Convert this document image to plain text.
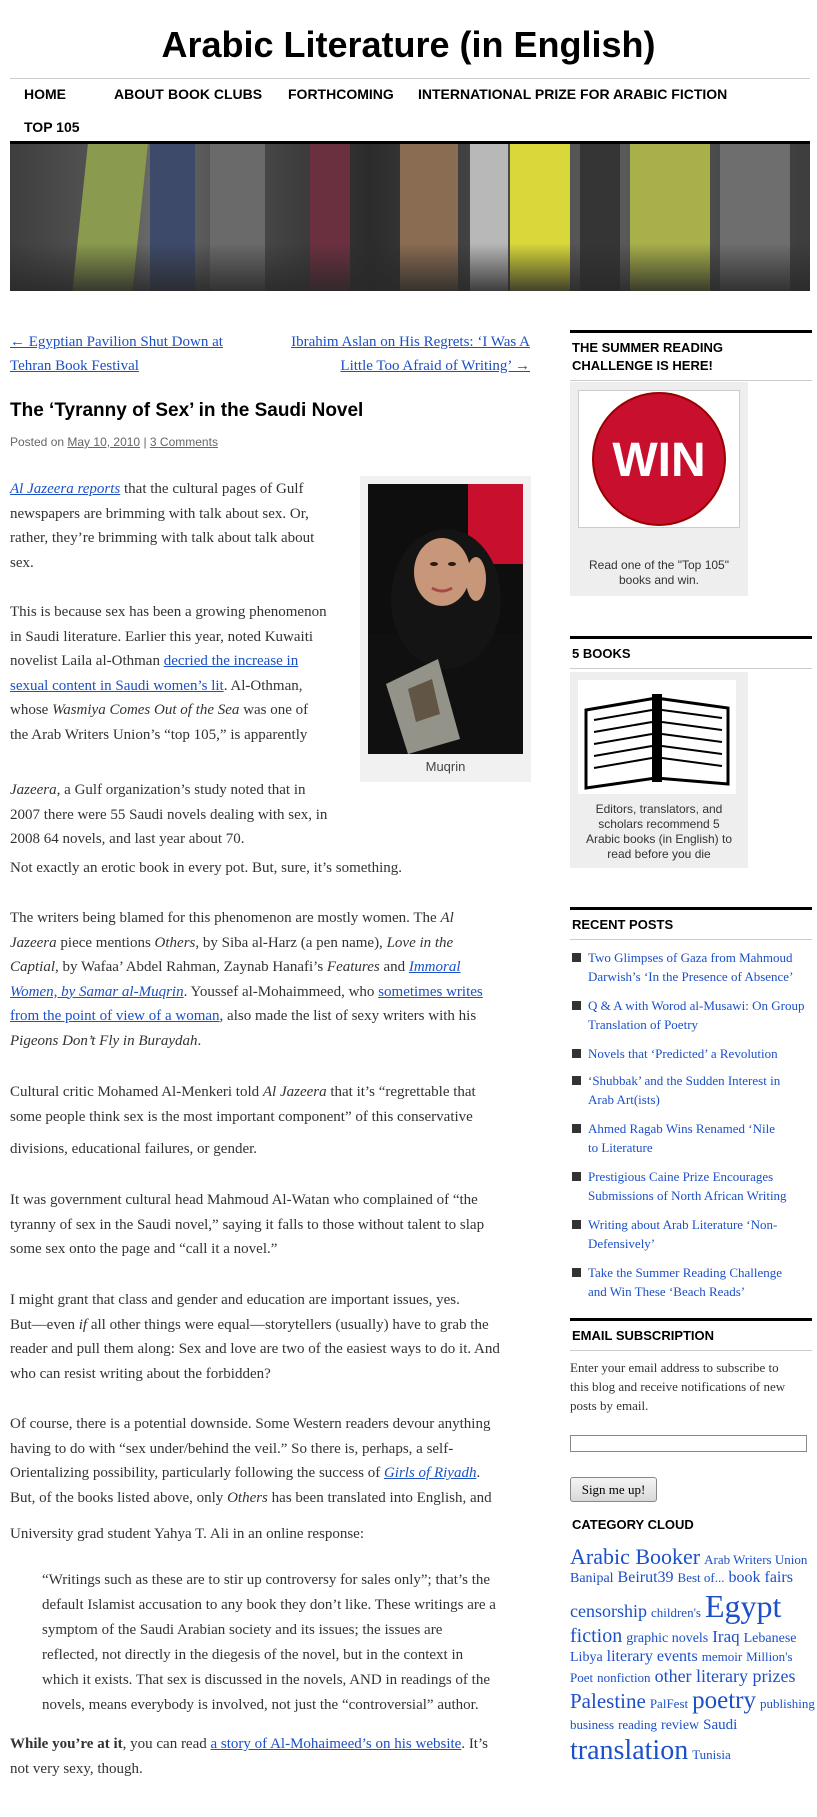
Arabic Literature (in English)
HOME	ABOUT BOOK CLUBS FORTHCOMING INTERNATIONAL PRIZE FOR ARABIC FICTION
TOP 105
← Egyptian Pavilion Shut Down at
Tehran Book Festival
Ibrahim Aslan on His Regrets: ‘I Was A
Little Too Afraid of Writing’ →
The ‘Tyranny of Sex’ in the Saudi Novel
Posted on May 10, 2010 | 3 Comments
Muqrin
Al Jazeera reports that the cultural pages of Gulf
newspapers are brimming with talk about sex. Or,
rather, they’re brimming with talk about talk about
sex.
This is because sex has been a growing phenomenon
in Saudi literature. Earlier this year, noted Kuwaiti
novelist Laila al-Othman decried the increase in
sexual content in Saudi women’s lit. Al-Othman,
whose Wasmiya Comes Out of the Sea was one of
the Arab Writers Union’s “top 105,” is apparently
Jazeera, a Gulf organization’s study noted that in
2007 there were 55 Saudi novels dealing with sex, in
2008 64 novels, and last year about 70.
Not exactly an erotic book in every pot. But, sure, it’s something.
The writers being blamed for this phenomenon are mostly women. The Al
Jazeera piece mentions Others, by Siba al-Harz (a pen name), Love in the
Captial, by Wafaa’ Abdel Rahman, Zaynab Hanafi’s Features and Immoral
Women, by Samar al-Muqrin. Youssef al-Mohaimmeed, who sometimes writes
from the point of view of a woman, also made the list of sexy writers with his
Pigeons Don’t Fly in Buraydah.
Cultural critic Mohamed Al-Menkeri told Al Jazeera that it’s “regrettable that
some people think sex is the most important component” of this conservative
divisions, educational failures, or gender.
It was government cultural head Mahmoud Al-Watan who complained of “the
tyranny of sex in the Saudi novel,” saying it falls to those without talent to slap
some sex onto the page and “call it a novel.”
I might grant that class and gender and education are important issues, yes.
But—even if all other things were equal—storytellers (usually) have to grab the
reader and pull them along: Sex and love are two of the easiest ways to do it. And
who can resist writing about the forbidden?
Of course, there is a potential downside. Some Western readers devour anything
having to do with “sex under/behind the veil.” So there is, perhaps, a self-
Orientalizing possibility, particularly following the success of Girls of Riyadh.
But, of the books listed above, only Others has been translated into English, and
University grad student Yahya T. Ali in an online response:
“Writings such as these are to stir up controversy for sales only”; that’s the
default Islamist accusation to any book they don’t like. These writings are a
symptom of the Saudi Arabian society and its issues; the issues are
reflected, not directly in the diegesis of the novel, but in the context in
which it exists. That sex is discussed in the novels, AND in readings of the
novels, means everybody is involved, not just the “controversial” author.
While you’re at it, you can read a story of Al-Mohaimeed’s on his website. It’s
not very sexy, though.
THE SUMMER READING
CHALLENGE IS HERE!
WIN
Read one of the "Top 105"
books and win.
5 BOOKS
Editors, translators, and
scholars recommend 5
Arabic books (in English) to
read before you die
RECENT POSTS
Two Glimpses of Gaza from Mahmoud
Darwish’s ‘In the Presence of Absence’
Q & A with Worod al-Musawi: On Group
Translation of Poetry
Novels that ‘Predicted’ a Revolution
‘Shubbak’ and the Sudden Interest in
Arab Art(ists)
Ahmed Ragab Wins Renamed ‘Nile
to Literature
Prestigious Caine Prize Encourages
Submissions of North African Writing
Writing about Arab Literature ‘Non-
Defensively’
Take the Summer Reading Challenge
and Win These ‘Beach Reads’
EMAIL SUBSCRIPTION
Enter your email address to subscribe to
this blog and receive notifications of new
posts by email.
Sign me up!
CATEGORY CLOUD
Arabic Booker Arab Writers Union Banipal Beirut39 Best of... book fairs censorship children's Egypt fiction graphic novels Iraq Lebanese Libya literary events memoir Million's Poet nonfiction other literary prizes Palestine PalFest poetry publishing business reading review Saudi translation Tunisia
